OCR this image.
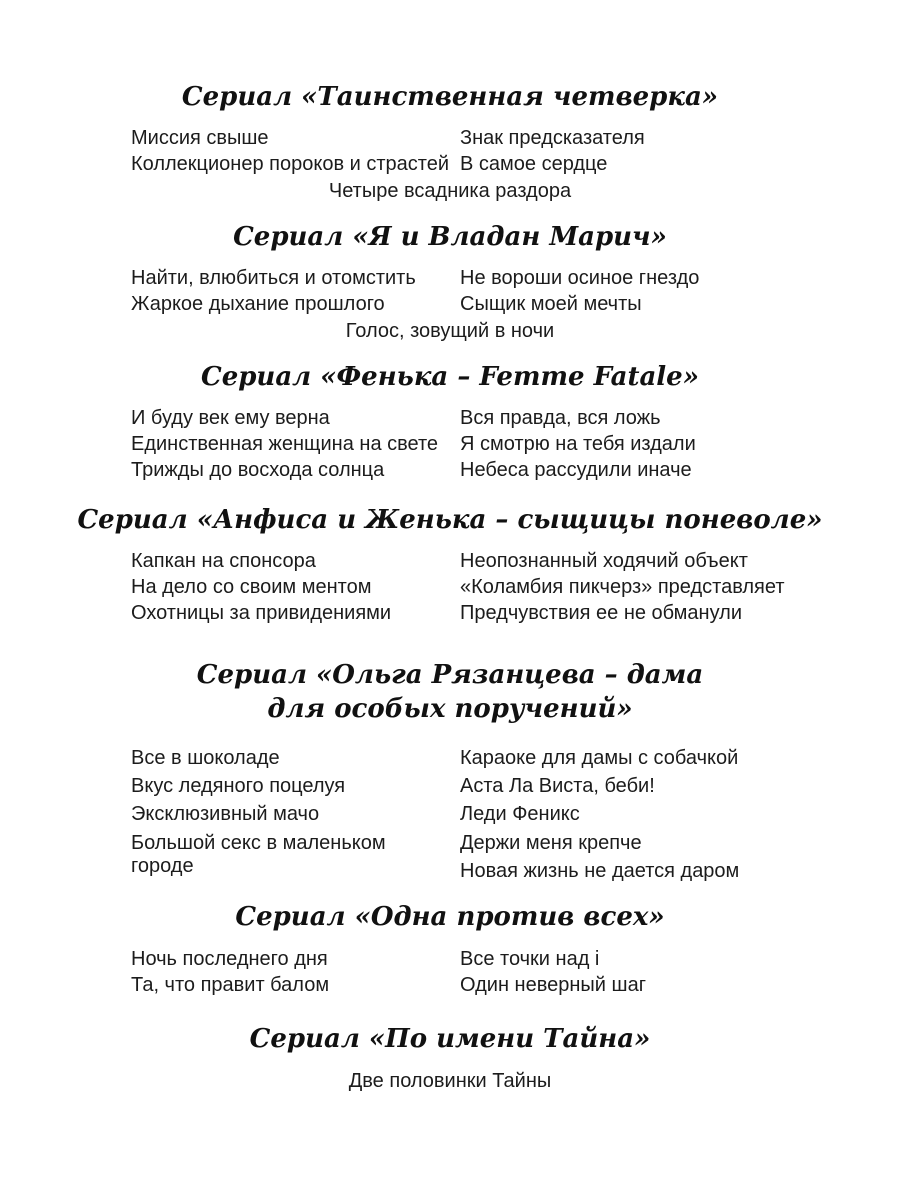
Сериал «Таинственная четверка»
Миссия свыше
Коллекционер пороков и страстей
Знак предсказателя
В самое сердце
Четыре всадника раздора
Сериал «Я и Владан Марич»
Найти, влюбиться и отомстить
Жаркое дыхание прошлого
Не вороши осиное гнездо
Сыщик моей мечты
Голос, зовущий в ночи
Сериал «Фенька – Femme Fatale»
И буду век ему верна
Единственная женщина на свете
Трижды до восхода солнца
Вся правда, вся ложь
Я смотрю на тебя издали
Небеса рассудили иначе
Сериал «Анфиса и Женька – сыщицы поневоле»
Капкан на спонсора
На дело со своим ментом
Охотницы за привидениями
Неопознанный ходячий объект
«Коламбия пикчерз» представляет
Предчувствия ее не обманули
Сериал «Ольга Рязанцева – дама
для особых поручений»
Все в шоколаде
Вкус ледяного поцелуя
Эксклюзивный мачо
Большой секс в маленьком городе
Караоке для дамы с собачкой
Аста Ла Виста, беби!
Леди Феникс
Держи меня крепче
Новая жизнь не дается даром
Сериал «Одна против всех»
Ночь последнего дня
Та, что правит балом
Все точки над i
Один неверный шаг
Сериал «По имени Тайна»
Две половинки Тайны
